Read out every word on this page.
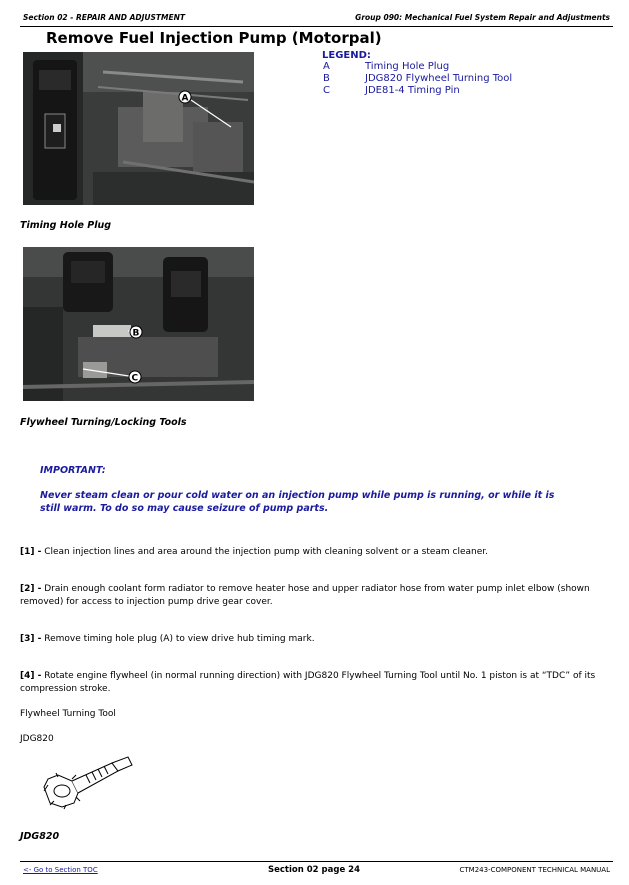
Section 02 - REPAIR AND ADJUSTMENT	Group 090: Mechanical Fuel System Repair and Adjustments
Remove Fuel Injection Pump (Motorpal)
A
LEGEND:
A	Timing Hole Plug
B	JDG820 Flywheel Turning Tool
C	JDE81-4 Timing Pin
Timing Hole Plug
B
C
Flywheel Turning/Locking Tools
IMPORTANT:
Never steam clean or pour cold water on an injection pump while pump is running, or while it is still warm. To do so may cause seizure of pump parts.
[1] - Clean injection lines and area around the injection pump with cleaning solvent or a steam cleaner.
[2] - Drain enough coolant form radiator to remove heater hose and upper radiator hose from water pump inlet elbow (shown removed) for access to injection pump drive gear cover.
[3] - Remove timing hole plug (A) to view drive hub timing mark.
[4] - Rotate engine flywheel (in normal running direction) with JDG820 Flywheel Turning Tool until No. 1 piston is at “TDC” of its compression stroke.
Flywheel Turning Tool
JDG820
JDG820
<- Go to Section TOC	Section 02 page 24	CTM243-COMPONENT TECHNICAL MANUAL
